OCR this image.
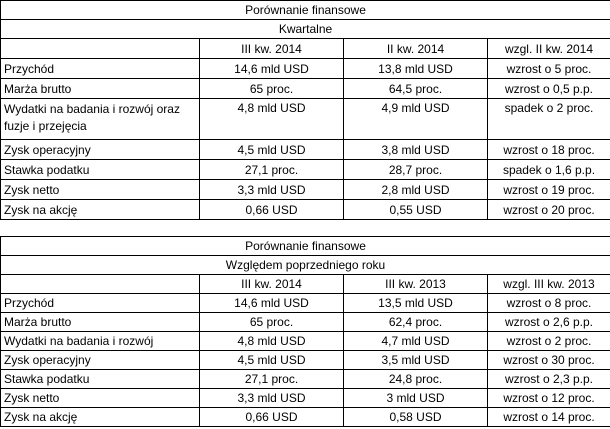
Porównanie finansowe			
Kwartalne			
	III kw. 2014	II kw. 2014	wzgl. II kw. 2014
Przychód	14,6 mld USD	13,8 mld USD	wzrost o 5 proc.
Marża brutto	65 proc.	64,5 proc.	wzrost o 0,5 p.p.
Wydatki na badania i rozwój oraz fuzje i przejęcia	4,8 mld USD	4,9 mld USD	spadek o 2 proc.
Zysk operacyjny	4,5 mld USD	3,8 mld USD	wzrost o 18 proc.
Stawka podatku	27,1 proc.	28,7 proc.	spadek o 1,6 p.p.
Zysk netto	3,3 mld USD	2,8 mld USD	wzrost o 19 proc.
Zysk na akcję	0,66 USD	0,55 USD	wzrost o 20 proc.
Porównanie finansowe			
Względem poprzedniego roku			
	III kw. 2014	III kw. 2013	wzgl. III kw. 2013
Przychód	14,6 mld USD	13,5 mld USD	wzrost o 8 proc.
Marża brutto	65 proc.	62,4 proc.	wzrost o 2,6 p.p.
Wydatki na badania i rozwój	4,8 mld USD	4,7 mld USD	wzrost o 2 proc.
Zysk operacyjny	4,5 mld USD	3,5 mld USD	wzrost o 30 proc.
Stawka podatku	27,1 proc.	24,8 proc.	wzrost o 2,3 p.p.
Zysk netto	3,3 mld USD	3 mld USD	wzrost o 12 proc.
Zysk na akcję	0,66 USD	0,58 USD	wzrost o 14 proc.
